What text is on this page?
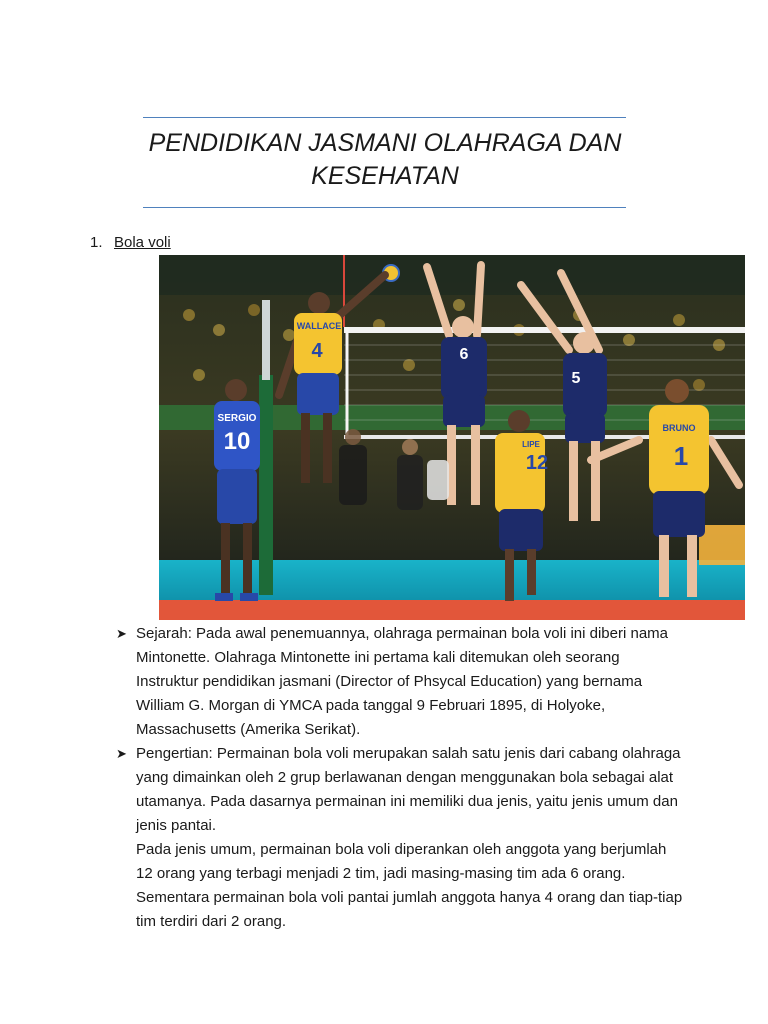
PENDIDIKAN JASMANI OLAHRAGA DAN KESEHATAN
1. Bola voli
SERGIO
10
WALLACE
4	6
5
LIPE
12
BRUNO
1
➤ Sejarah: Pada awal penemuannya, olahraga permainan bola voli ini diberi nama Mintonette. Olahraga Mintonette ini pertama kali ditemukan oleh seorang Instruktur pendidikan jasmani (Director of Phsycal Education) yang bernama William G. Morgan di YMCA pada tanggal 9 Februari 1895, di Holyoke, Massachusetts (Amerika Serikat).

➤ Pengertian: Permainan bola voli merupakan salah satu jenis dari cabang olahraga yang dimainkan oleh 2 grup berlawanan dengan menggunakan bola sebagai alat utamanya. Pada dasarnya permainan ini memiliki dua jenis, yaitu jenis umum dan jenis pantai.

Pada jenis umum, permainan bola voli diperankan oleh anggota yang berjumlah 12 orang yang terbagi menjadi 2 tim, jadi masing-masing tim ada 6 orang. Sementara permainan bola voli pantai jumlah anggota hanya 4 orang dan tiap-tiap tim terdiri dari 2 orang.
